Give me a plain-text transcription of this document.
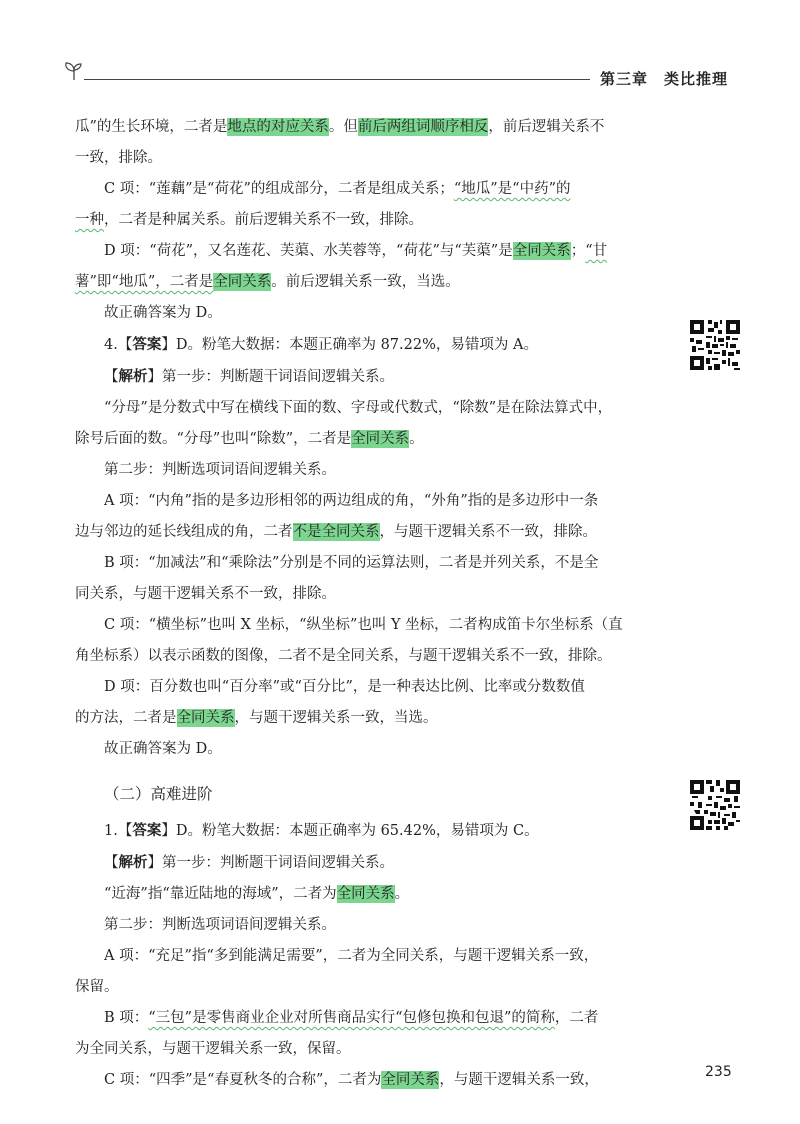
第三章 类比推理

瓜”的生长环境，二者是地点的对应关系。但前后两组词顺序相反，前后逻辑关系不

一致，排除。

C 项：“莲藕”是“荷花”的组成部分，二者是组成关系；“地瓜”是“中药”的

一种，二者是种属关系。前后逻辑关系不一致，排除。

D 项：“荷花”，又名莲花、芙蕖、水芙蓉等，“荷花”与“芙蕖”是全同关系；“甘

薯”即“地瓜”，二者是全同关系。前后逻辑关系一致，当选。

故正确答案为 D。

4.【答案】D。粉笔大数据：本题正确率为 87.22%，易错项为 A。

【解析】第一步：判断题干词语间逻辑关系。

“分母”是分数式中写在横线下面的数、字母或代数式，“除数”是在除法算式中，

除号后面的数。“分母”也叫“除数”，二者是全同关系。

第二步：判断选项词语间逻辑关系。

A 项：“内角”指的是多边形相邻的两边组成的角，“外角”指的是多边形中一条

边与邻边的延长线组成的角，二者不是全同关系，与题干逻辑关系不一致，排除。

B 项：“加减法”和“乘除法”分别是不同的运算法则，二者是并列关系，不是全

同关系，与题干逻辑关系不一致，排除。

C 项：“横坐标”也叫 X 坐标，“纵坐标”也叫 Y 坐标，二者构成笛卡尔坐标系（直

角坐标系）以表示函数的图像，二者不是全同关系，与题干逻辑关系不一致，排除。

D 项：百分数也叫“百分率”或“百分比”，是一种表达比例、比率或分数数值

的方法，二者是全同关系，与题干逻辑关系一致，当选。

故正确答案为 D。

（二）高难进阶

1.【答案】D。粉笔大数据：本题正确率为 65.42%，易错项为 C。

【解析】第一步：判断题干词语间逻辑关系。

“近海”指“靠近陆地的海域”，二者为全同关系。

第二步：判断选项词语间逻辑关系。

A 项：“充足”指“多到能满足需要”，二者为全同关系，与题干逻辑关系一致，

保留。

B 项：“三包”是零售商业企业对所售商品实行“包修包换和包退”的简称，二者

为全同关系，与题干逻辑关系一致，保留。

C 项：“四季”是“春夏秋冬的合称”，二者为全同关系，与题干逻辑关系一致，	235
